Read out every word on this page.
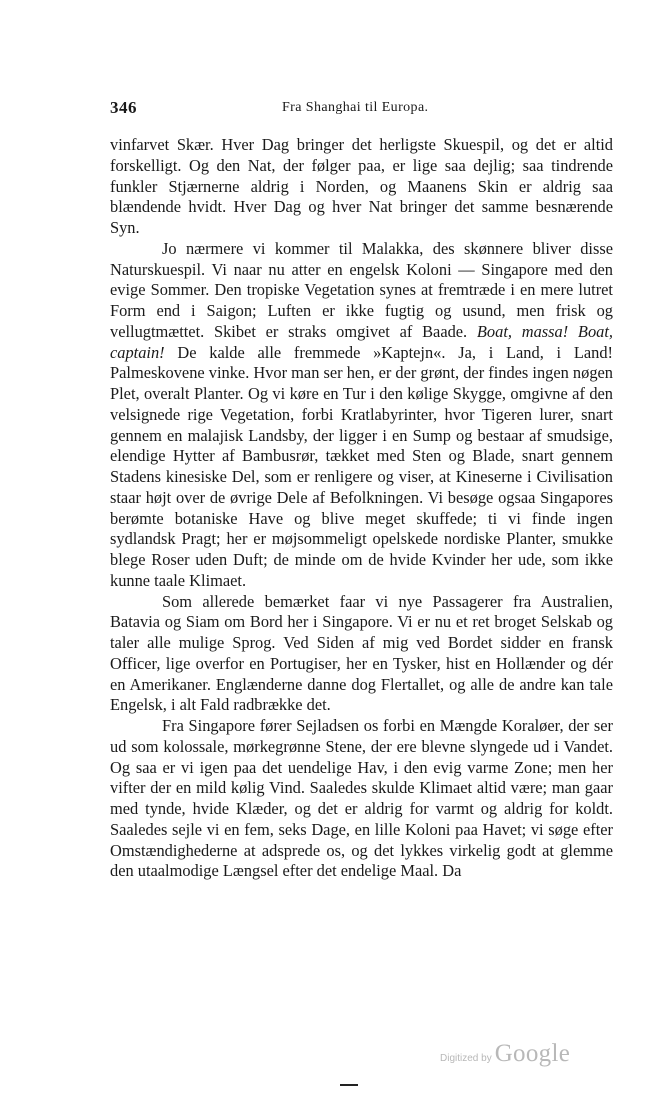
346	Fra Shanghai til Europa.

vinfarvet Skær. Hver Dag bringer det herligste Skuespil, og det er altid forskelligt. Og den Nat, der følger paa, er lige saa dejlig; saa tindrende funkler Stjærnerne aldrig i Norden, og Maanens Skin er aldrig saa blændende hvidt. Hver Dag og hver Nat bringer det samme besnærende Syn.

Jo nærmere vi kommer til Malakka, des skønnere bliver disse Naturskuespil. Vi naar nu atter en engelsk Koloni — Singapore med den evige Sommer. Den tropiske Vegetation synes at fremtræde i en mere lutret Form end i Saigon; Luften er ikke fugtig og usund, men frisk og vellugtmættet. Skibet er straks omgivet af Baade. Boat, massa! Boat, captain! De kalde alle fremmede »Kaptejn«. Ja, i Land, i Land! Palmeskovene vinke. Hvor man ser hen, er der grønt, der findes ingen nøgen Plet, overalt Planter. Og vi køre en Tur i den kølige Skygge, omgivne af den velsignede rige Vegetation, forbi Kratlabyrinter, hvor Tigeren lurer, snart gennem en malajisk Landsby, der ligger i en Sump og bestaar af smudsige, elendige Hytter af Bambusrør, tækket med Sten og Blade, snart gennem Stadens kinesiske Del, som er renligere og viser, at Kineserne i Civilisation staar højt over de øvrige Dele af Befolkningen. Vi besøge ogsaa Singapores berømte botaniske Have og blive meget skuffede; ti vi finde ingen sydlandsk Pragt; her er møjsommeligt opelskede nordiske Planter, smukke blege Roser uden Duft; de minde om de hvide Kvinder her ude, som ikke kunne taale Klimaet.

Som allerede bemærket faar vi nye Passagerer fra Australien, Batavia og Siam om Bord her i Singapore. Vi er nu et ret broget Selskab og taler alle mulige Sprog. Ved Siden af mig ved Bordet sidder en fransk Officer, lige overfor en Portugiser, her en Tysker, hist en Hollænder og dér en Amerikaner. Englænderne danne dog Flertallet, og alle de andre kan tale Engelsk, i alt Fald radbrække det.

Fra Singapore fører Sejladsen os forbi en Mængde Koraløer, der ser ud som kolossale, mørkegrønne Stene, der ere blevne slyngede ud i Vandet. Og saa er vi igen paa det uendelige Hav, i den evig varme Zone; men her vifter der en mild kølig Vind. Saaledes skulde Klimaet altid være; man gaar med tynde, hvide Klæder, og det er aldrig for varmt og aldrig for koldt. Saaledes sejle vi en fem, seks Dage, en lille Koloni paa Havet; vi søge efter Omstændighederne at adsprede os, og det lykkes virkelig godt at glemme den utaalmodige Længsel efter det endelige Maal. Da

Digitized by Google
